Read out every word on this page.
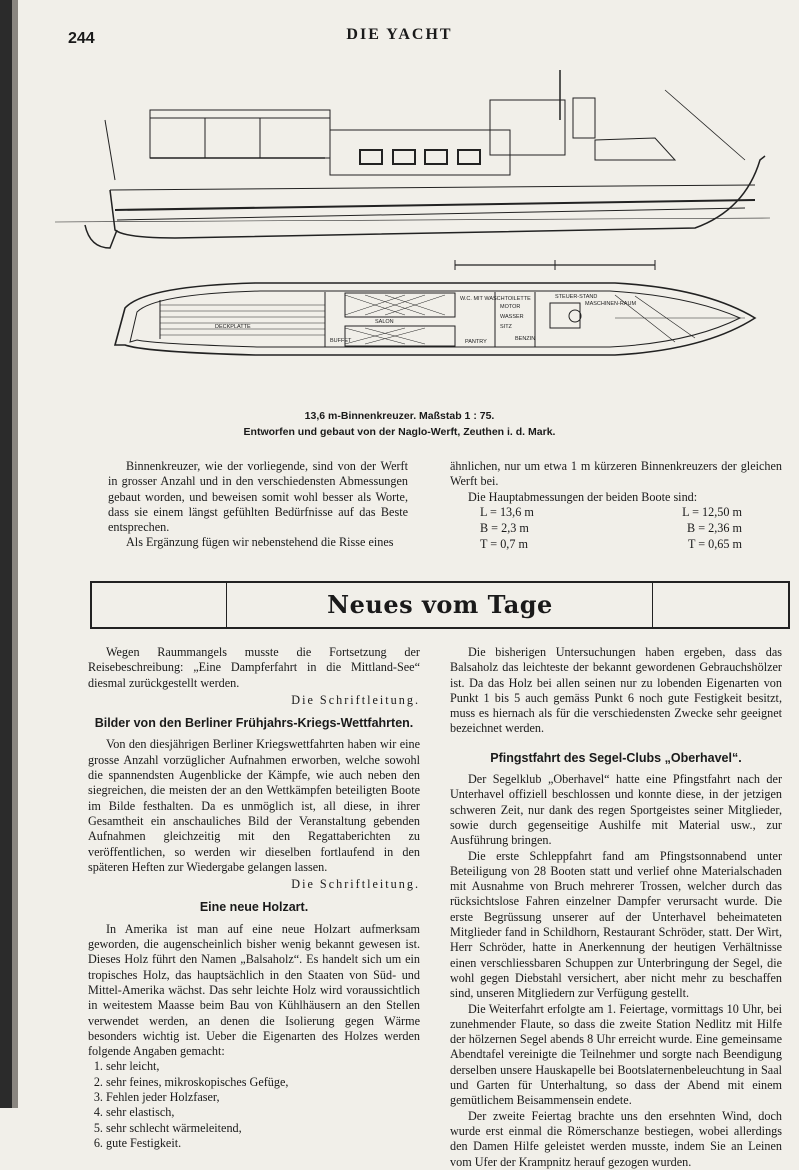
244	DIE YACHT
DECKPLATTE
SALON
BUFFET
W.C. MIT WASCHTOILETTE
MOTOR
SITZ
MASCHINEN-RAUM
STEUER-STAND
WASSER
BENZIN
PANTRY
13,6 m-Binnenkreuzer. Maßstab 1 : 75.
Entworfen und gebaut von der Naglo-Werft, Zeuthen i. d. Mark.

Binnenkreuzer, wie der vorliegende, sind von der Werft in grosser Anzahl und in den verschiedensten Abmessungen gebaut worden, und beweisen somit wohl besser als Worte, dass sie einem längst gefühlten Bedürfnisse auf das Beste entsprechen.

Als Ergänzung fügen wir nebenstehend die Risse eines

ähnlichen, nur um etwa 1 m kürzeren Binnenkreuzers der gleichen Werft bei.

Die Hauptabmessungen der beiden Boote sind:

L = 13,6 m	L = 12,50 m
B = 2,3 m	B = 2,36 m
T = 0,7 m	T = 0,65 m
Neues vom Tage

Wegen Raummangels musste die Fortsetzung der Reisebeschreibung: „Eine Dampferfahrt in die Mittland-See“ diesmal zurückgestellt werden.

Die Schriftleitung.
Bilder von den Berliner Frühjahrs-Kriegs-Wettfahrten.

Von den diesjährigen Berliner Kriegswettfahrten haben wir eine grosse Anzahl vorzüglicher Aufnahmen erworben, welche sowohl die spannendsten Augenblicke der Kämpfe, wie auch neben den siegreichen, die meisten der an den Wettkämpfen beteiligten Boote im Bilde festhalten. Da es unmöglich ist, all diese, in ihrer Gesamtheit ein anschauliches Bild der Veranstaltung gebenden Aufnahmen gleichzeitig mit den Regattaberichten zu veröffentlichen, so werden wir dieselben fortlaufend in den späteren Heften zur Wiedergabe gelangen lassen.

Die Schriftleitung.
Eine neue Holzart.

In Amerika ist man auf eine neue Holzart aufmerksam geworden, die augenscheinlich bisher wenig bekannt gewesen ist. Dieses Holz führt den Namen „Balsaholz“. Es handelt sich um ein tropisches Holz, das hauptsächlich in den Staaten von Süd- und Mittel-Amerika wächst. Das sehr leichte Holz wird voraussichtlich in weitestem Maasse beim Bau von Kühlhäusern an den Stellen verwendet werden, an denen die Isolierung gegen Wärme besonders wichtig ist. Ueber die Eigenarten des Holzes werden folgende Angaben gemacht:

1. sehr leicht,
2. sehr feines, mikroskopisches Gefüge,
3. Fehlen jeder Holzfaser,
4. sehr elastisch,
5. sehr schlecht wärmeleitend,
6. gute Festigkeit.

Die bisherigen Untersuchungen haben ergeben, dass das Balsaholz das leichteste der bekannt gewordenen Gebrauchshölzer ist. Da das Holz bei allen seinen nur zu lobenden Eigenarten von Punkt 1 bis 5 auch gemäss Punkt 6 noch gute Festigkeit besitzt, muss es hiernach als für die verschiedensten Zwecke sehr geeignet bezeichnet werden.

Pfingstfahrt des Segel-Clubs „Oberhavel“.

Der Segelklub „Oberhavel“ hatte eine Pfingstfahrt nach der Unterhavel offiziell beschlossen und konnte diese, in der jetzigen schweren Zeit, nur dank des regen Sportgeistes seiner Mitglieder, sowie durch gegenseitige Aushilfe mit Material usw., zur Ausführung bringen.

Die erste Schleppfahrt fand am Pfingstsonnabend unter Beteiligung von 28 Booten statt und verlief ohne Materialschaden mit Ausnahme von Bruch mehrerer Trossen, welcher durch das rücksichtslose Fahren einzelner Dampfer verursacht wurde. Die erste Begrüssung unserer auf der Unterhavel beheimateten Mitglieder fand in Schildhorn, Restaurant Schröder, statt. Der Wirt, Herr Schröder, hatte in Anerkennung der heutigen Verhältnisse einen verschliessbaren Schuppen zur Unterbringung der Segel, die wohl gegen Diebstahl versichert, aber nicht mehr zu beschaffen sind, unseren Mitgliedern zur Verfügung gestellt.

Die Weiterfahrt erfolgte am 1. Feiertage, vormittags 10 Uhr, bei zunehmender Flaute, so dass die zweite Station Nedlitz mit Hilfe der hölzernen Segel abends 8 Uhr erreicht wurde. Eine gemeinsame Abendtafel vereinigte die Teilnehmer und sorgte nach Beendigung derselben unsere Hauskapelle bei Bootslaternenbeleuchtung in Saal und Garten für Unterhaltung, so dass der Abend mit einem gemütlichem Beisammensein endete.

Der zweite Feiertag brachte uns den ersehnten Wind, doch wurde erst einmal die Römerschanze bestiegen, wobei allerdings den Damen Hilfe geleistet werden musste, indem Sie an Leinen vom Ufer der Krampnitz herauf gezogen wurden.
